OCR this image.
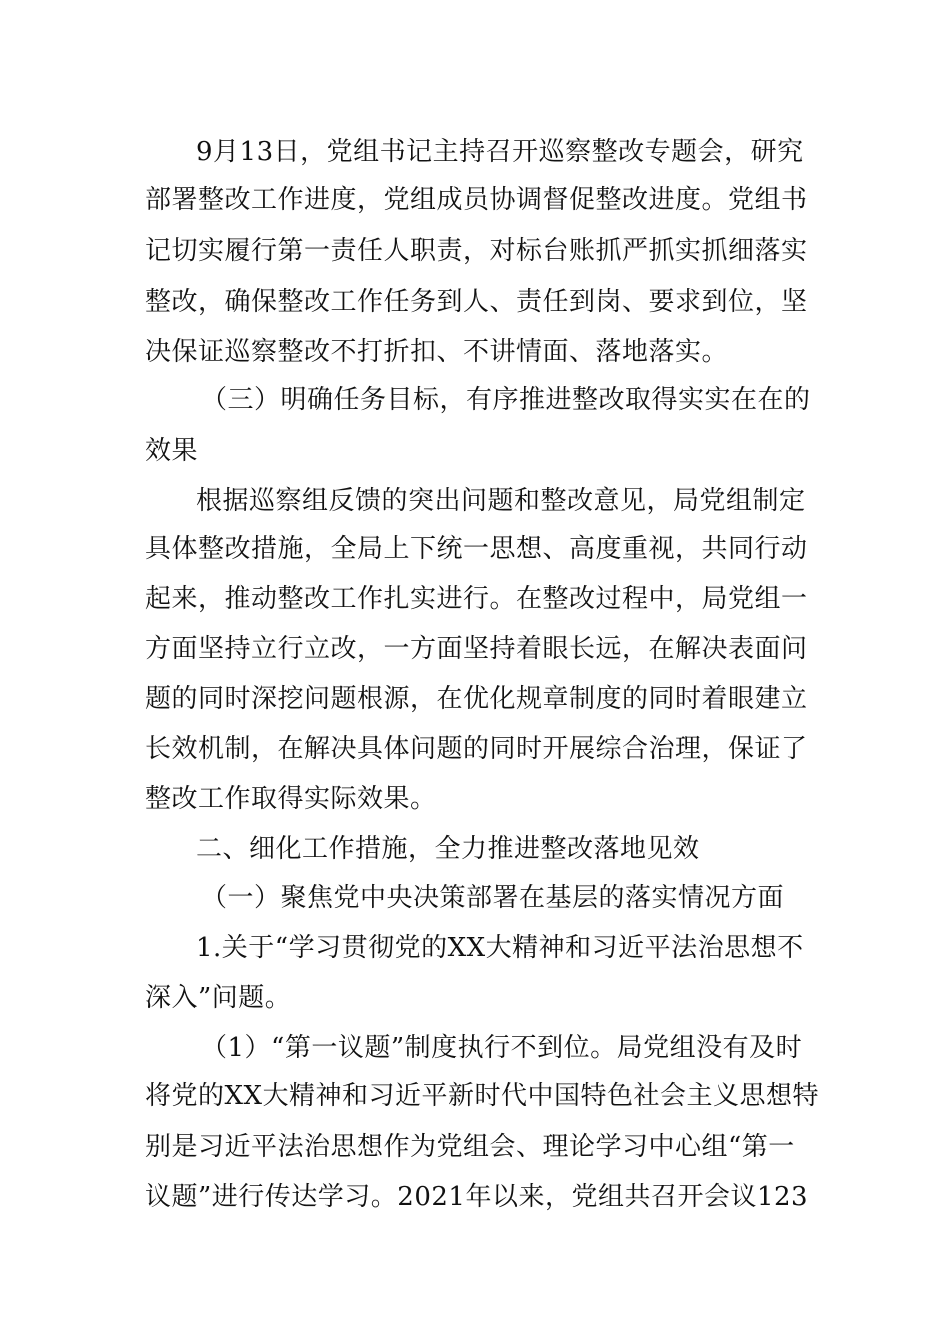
9月13日，党组书记主持召开巡察整改专题会，研究
部署整改工作进度，党组成员协调督促整改进度。党组书
记切实履行第一责任人职责，对标台账抓严抓实抓细落实
整改，确保整改工作任务到人、责任到岗、要求到位，坚
决保证巡察整改不打折扣、不讲情面、落地落实。
（三）明确任务目标，有序推进整改取得实实在在的
效果
根据巡察组反馈的突出问题和整改意见，局党组制定
具体整改措施，全局上下统一思想、高度重视，共同行动
起来，推动整改工作扎实进行。在整改过程中，局党组一
方面坚持立行立改，一方面坚持着眼长远，在解决表面问
题的同时深挖问题根源，在优化规章制度的同时着眼建立
长效机制，在解决具体问题的同时开展综合治理，保证了
整改工作取得实际效果。
二、细化工作措施，全力推进整改落地见效
（一）聚焦党中央决策部署在基层的落实情况方面
1.关于“学习贯彻党的XX大精神和习近平法治思想不
深入”问题。
（1）“第一议题”制度执行不到位。局党组没有及时
将党的XX大精神和习近平新时代中国特色社会主义思想特
别是习近平法治思想作为党组会、理论学习中心组“第一
议题”进行传达学习。2021年以来，党组共召开会议123
